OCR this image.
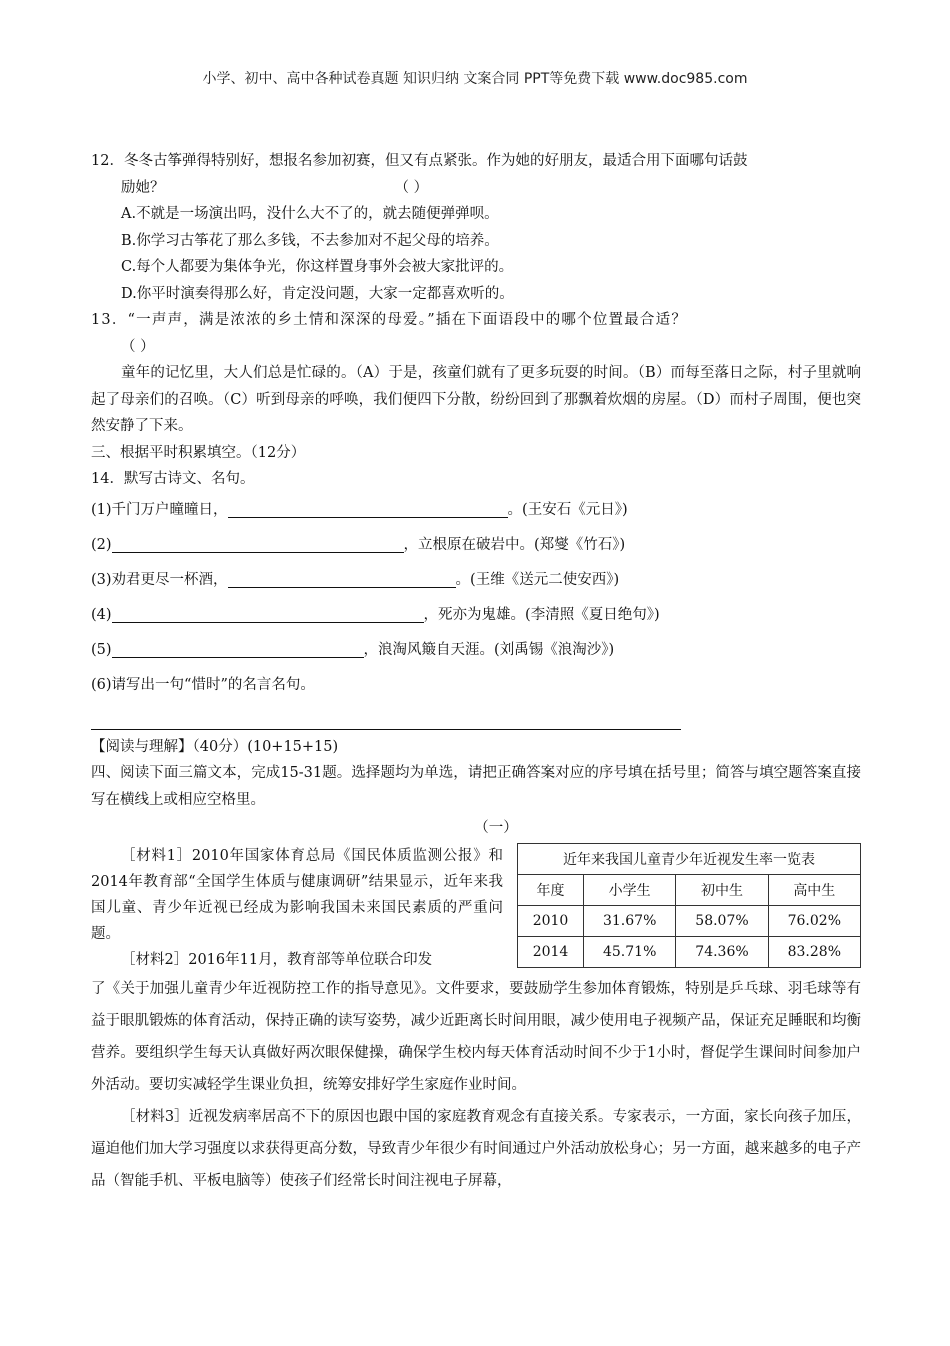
小学、初中、高中各种试卷真题 知识归纳 文案合同 PPT等免费下载 www.doc985.com

12．冬冬古筝弹得特别好，想报名参加初赛，但又有点紧张。作为她的好朋友，最适合用下面哪句话鼓

励她？	（ ）

A.不就是一场演出吗，没什么大不了的，就去随便弹弹呗。

B.你学习古筝花了那么多钱，不去参加对不起父母的培养。

C.每个人都要为集体争光，你这样置身事外会被大家批评的。

D.你平时演奏得那么好，肯定没问题，大家一定都喜欢听的。

13．“一声声，满是浓浓的乡土情和深深的母爱。”插在下面语段中的哪个位置最合适？

（ ）

童年的记忆里，大人们总是忙碌的。（A）于是，孩童们就有了更多玩耍的时间。（B）而每至落日之际，村子里就响起了母亲们的召唤。（C）听到母亲的呼唤，我们便四下分散，纷纷回到了那飘着炊烟的房屋。（D）而村子周围，便也突然安静了下来。

三、根据平时积累填空。（12分）

14．默写古诗文、名句。

(1)千门万户曈曈日，	。(王安石《元日》)

(2)	，立根原在破岩中。(郑燮《竹石》)

(3)劝君更尽一杯酒，	。(王维《送元二使安西》)

(4)	，死亦为鬼雄。(李清照《夏日绝句》)

(5)	，浪淘风簸自天涯。(刘禹锡《浪淘沙》)

(6)请写出一句“惜时”的名言名句。

【阅读与理解】（40分）(10+15+15)

四、阅读下面三篇文本，完成15-31题。选择题均为单选，请把正确答案对应的序号填在括号里；简答与填空题答案直接写在横线上或相应空格里。

（一）

近年来我国儿童青少年近视发生率一览表			
年度	小学生	初中生	高中生
2010	31.67%	58.07%	76.02%
2014	45.71%	74.36%	83.28%

［材料1］2010年国家体育总局《国民体质监测公报》和2014年教育部“全国学生体质与健康调研”结果显示，近年来我国儿童、青少年近视已经成为影响我国未来国民素质的严重问题。

［材料2］2016年11月，教育部等单位联合印发

了《关于加强儿童青少年近视防控工作的指导意见》。文件要求，要鼓励学生参加体育锻炼，特别是乒乓球、羽毛球等有益于眼肌锻炼的体育活动，保持正确的读写姿势，减少近距离长时间用眼，减少使用电子视频产品，保证充足睡眠和均衡营养。要组织学生每天认真做好两次眼保健操，确保学生校内每天体育活动时间不少于1小时，督促学生课间时间参加户外活动。要切实减轻学生课业负担，统筹安排好学生家庭作业时间。

［材料3］近视发病率居高不下的原因也跟中国的家庭教育观念有直接关系。专家表示，一方面，家长向孩子加压，逼迫他们加大学习强度以求获得更高分数，导致青少年很少有时间通过户外活动放松身心；另一方面，越来越多的电子产品（智能手机、平板电脑等）使孩子们经常长时间注视电子屏幕，
